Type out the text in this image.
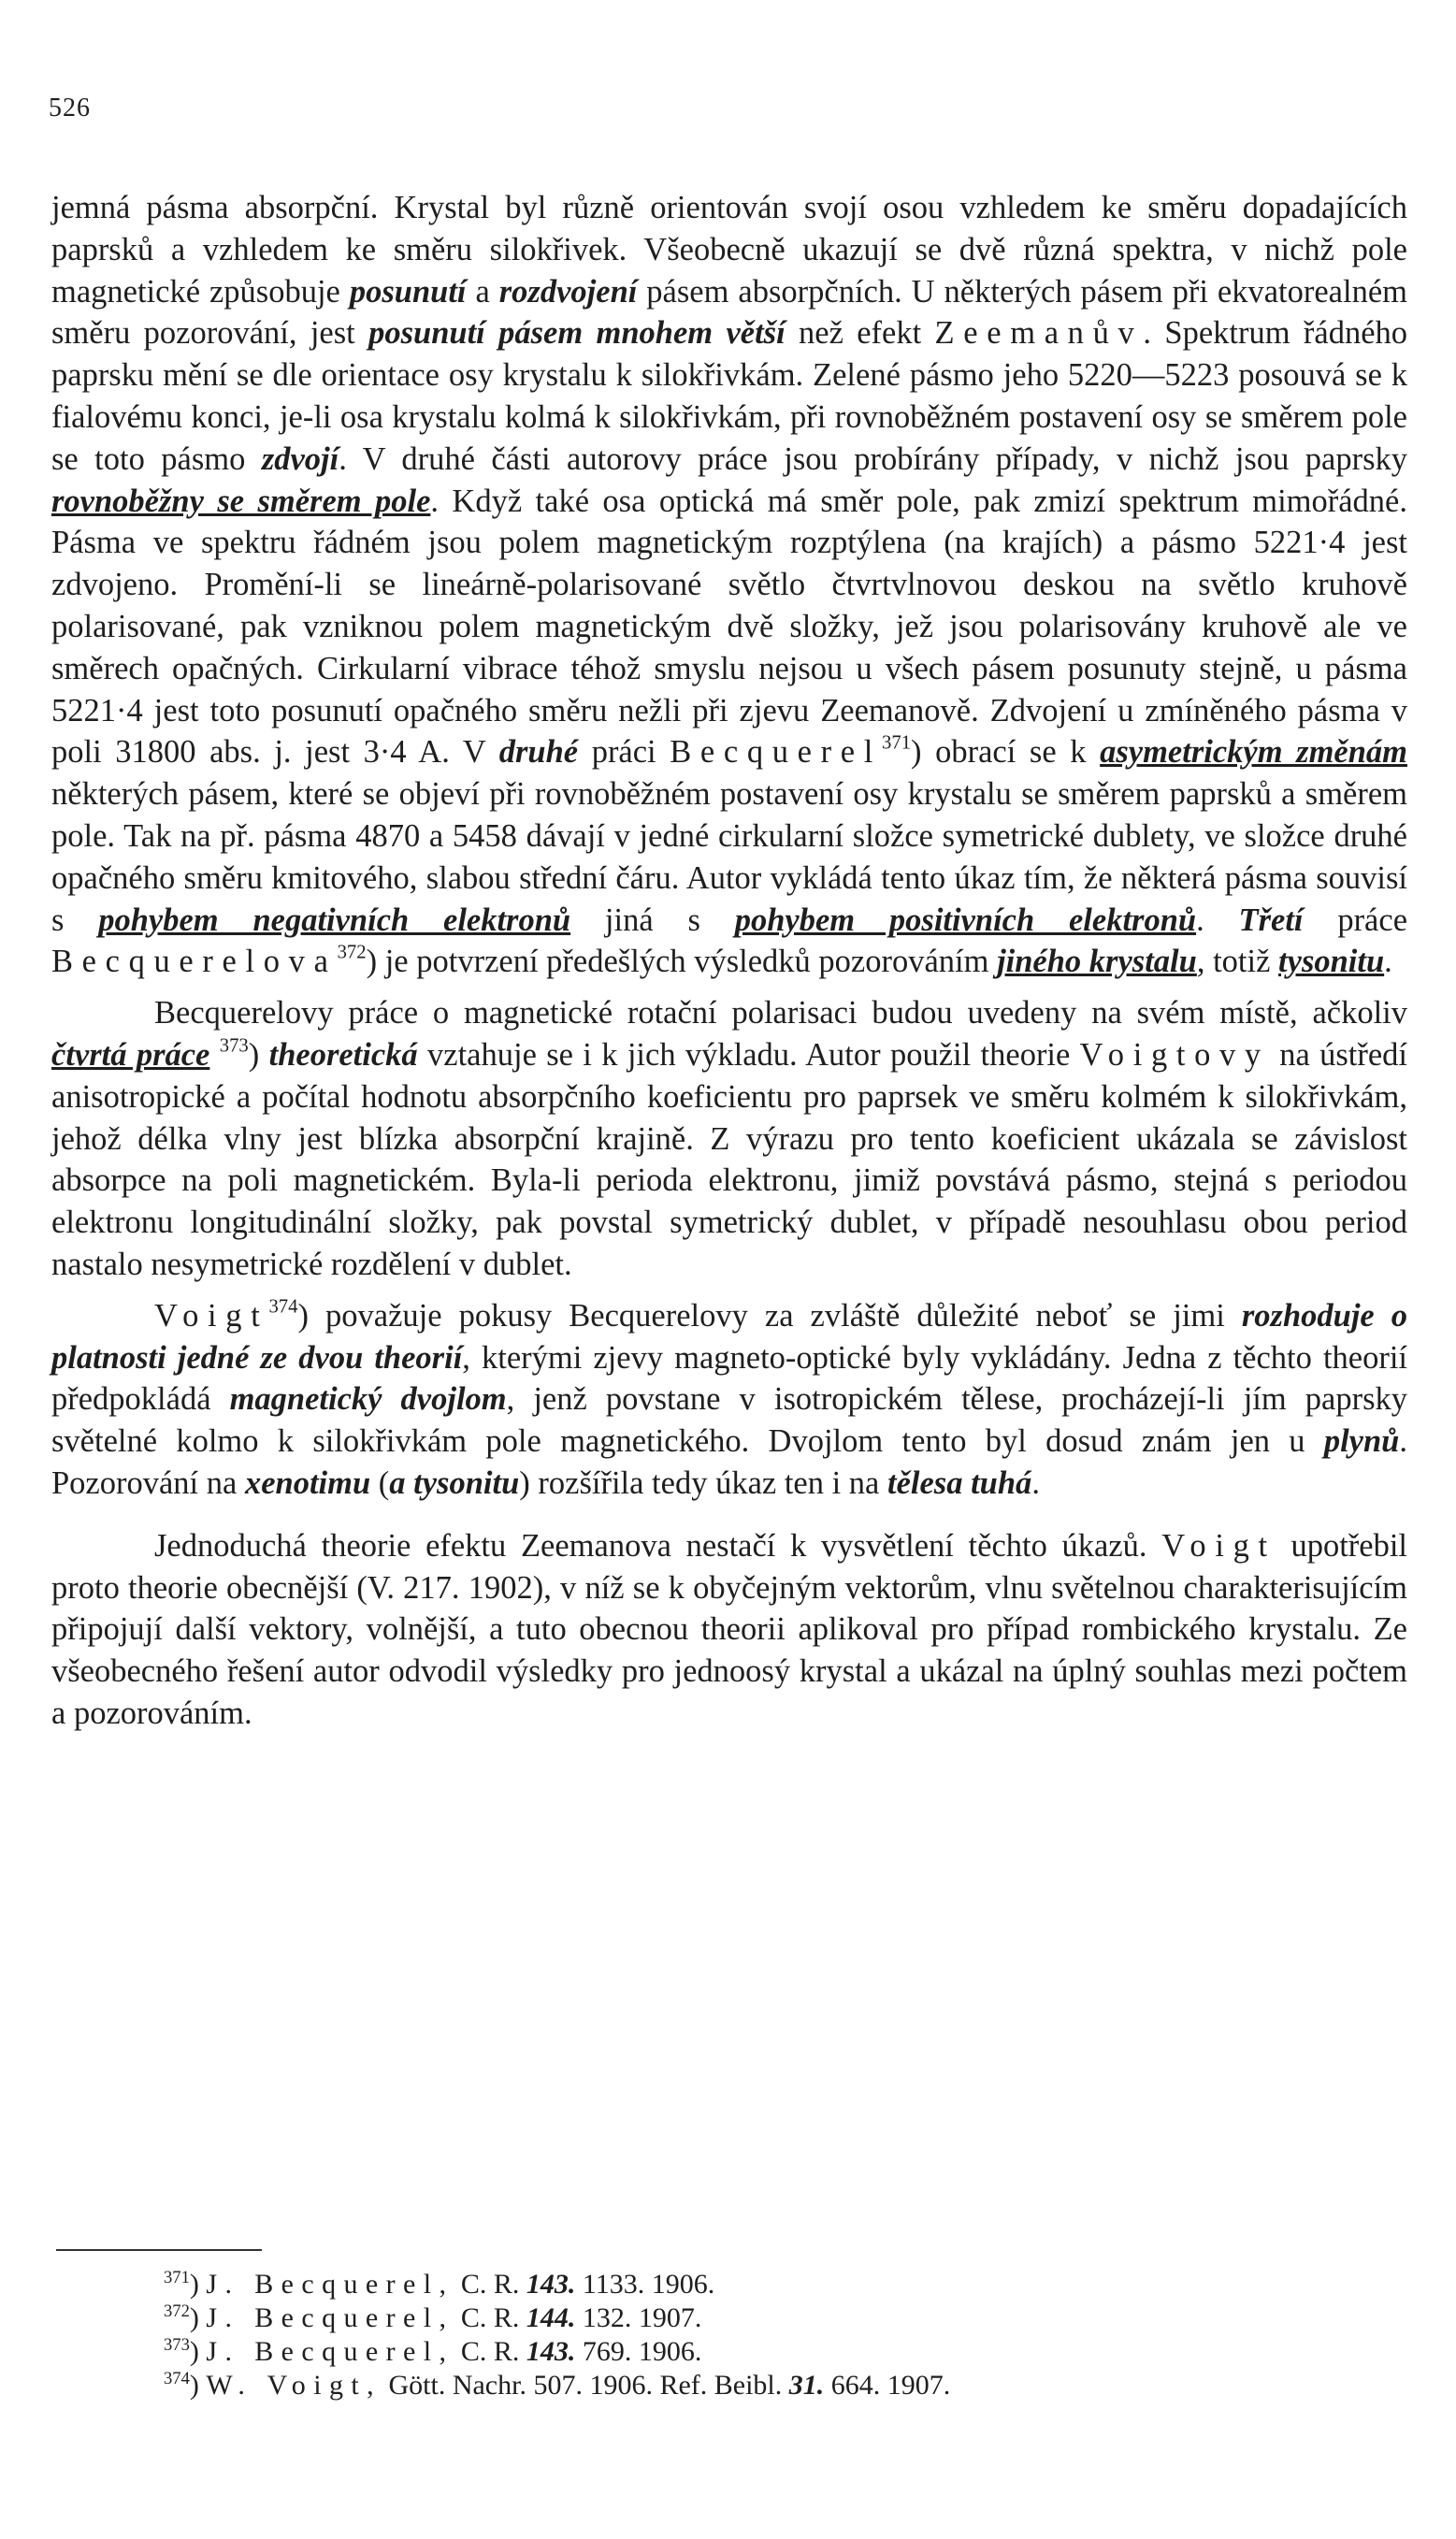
526

jemná pásma absorpční. Krystal byl různě orientován svojí osou vzhledem ke směru dopadajících paprsků a vzhledem ke směru silokřivek. Všeobecně ukazují se dvě různá spektra, v nichž pole magnetické způsobuje posunutí a rozdvojení pásem absorpčních. U některých pásem při ekvatorealném směru pozorování, jest posunutí pásem mnohem větší než efekt Zeemanův. Spektrum řádného paprsku mění se dle orientace osy krystalu k silokřivkám. Zelené pásmo jeho 5220—5223 posouvá se k fialovému konci, je-li osa krystalu kolmá k silokřivkám, při rovnoběžném postavení osy se směrem pole se toto pásmo zdvojí. V druhé části autorovy práce jsou probírány případy, v nichž jsou paprsky rovnoběžny se směrem pole. Když také osa optická má směr pole, pak zmizí spektrum mimořádné. Pásma ve spektru řádném jsou polem magnetickým rozptýlena (na krajích) a pásmo 5221·4 jest zdvojeno. Promění-li se lineárně-polarisované světlo čtvrtvlnovou deskou na světlo kruhově polarisované, pak vzniknou polem magnetickým dvě složky, jež jsou polarisovány kruhově ale ve směrech opačných. Cirkularní vibrace téhož smyslu nejsou u všech pásem posunuty stejně, u pásma 5221·4 jest toto posunutí opačného směru nežli při zjevu Zeemanově. Zdvojení u zmíněného pásma v poli 31800 abs. j. jest 3·4 A. V druhé práci Becquerel$^{371}$) obrací se k asymetrickým změnám některých pásem, které se objeví při rovnoběžném postavení osy krystalu se směrem paprsků a směrem pole. Tak na př. pásma 4870 a 5458 dávají v jedné cirkularní složce symetrické dublety, ve složce druhé opačného směru kmitového, slabou střední čáru. Autor vykládá tento úkaz tím, že některá pásma souvisí s pohybem negativních elektronů jiná s pohybem positivních elektronů. Třetí práce Becquerelova$^{372}$) je potvrzení předešlých výsledků pozorováním jiného krystalu, totiž tysonitu.

Becquerelovy práce o magnetické rotační polarisaci budou uvedeny na svém místě, ačkoliv čtvrtá práce $^{373}$) theoretická vztahuje se i k jich výkladu. Autor použil theorie Voigtovy na ústředí anisotropické a počítal hodnotu absorpčního koeficientu pro paprsek ve směru kolmém k silokřivkám, jehož délka vlny jest blízka absorpční krajině. Z výrazu pro tento koeficient ukázala se závislost absorpce na poli magnetickém. Byla-li perioda elektronu, jimiž povstává pásmo, stejná s periodou elektronu longitudinální složky, pak povstal symetrický dublet, v případě nesouhlasu obou period nastalo nesymetrické rozdělení v dublet.

Voigt$^{374}$) považuje pokusy Becquerelovy za zvláště důležité neboť se jimi rozhoduje o platnosti jedné ze dvou theorií, kterými zjevy magneto-optické byly vykládány. Jedna z těchto theorií předpokládá magnetický dvojlom, jenž povstane v isotropickém tělese, procházejí-li jím paprsky světelné kolmo k silokřivkám pole magnetického. Dvojlom tento byl dosud znám jen u plynů. Pozorování na xenotimu (a tysonitu) rozšířila tedy úkaz ten i na tělesa tuhá.

Jednoduchá theorie efektu Zeemanova nestačí k vysvětlení těchto úkazů. Voigt upotřebil proto theorie obecnější (V. 217. 1902), v níž se k obyčejným vektorům, vlnu světelnou charakterisujícím připojují další vektory, volnější, a tuto obecnou theorii aplikoval pro případ rombického krystalu. Ze všeobecného řešení autor odvodil výsledky pro jednoosý krystal a ukázal na úplný souhlas mezi počtem a pozorováním.

$^{371}$) J. Becquerel, C. R. 143. 1133. 1906.
$^{372}$) J. Becquerel, C. R. 144. 132. 1907.
$^{373}$) J. Becquerel, C. R. 143. 769. 1906.
$^{374}$) W. Voigt, Gött. Nachr. 507. 1906. Ref. Beibl. 31. 664. 1907.
